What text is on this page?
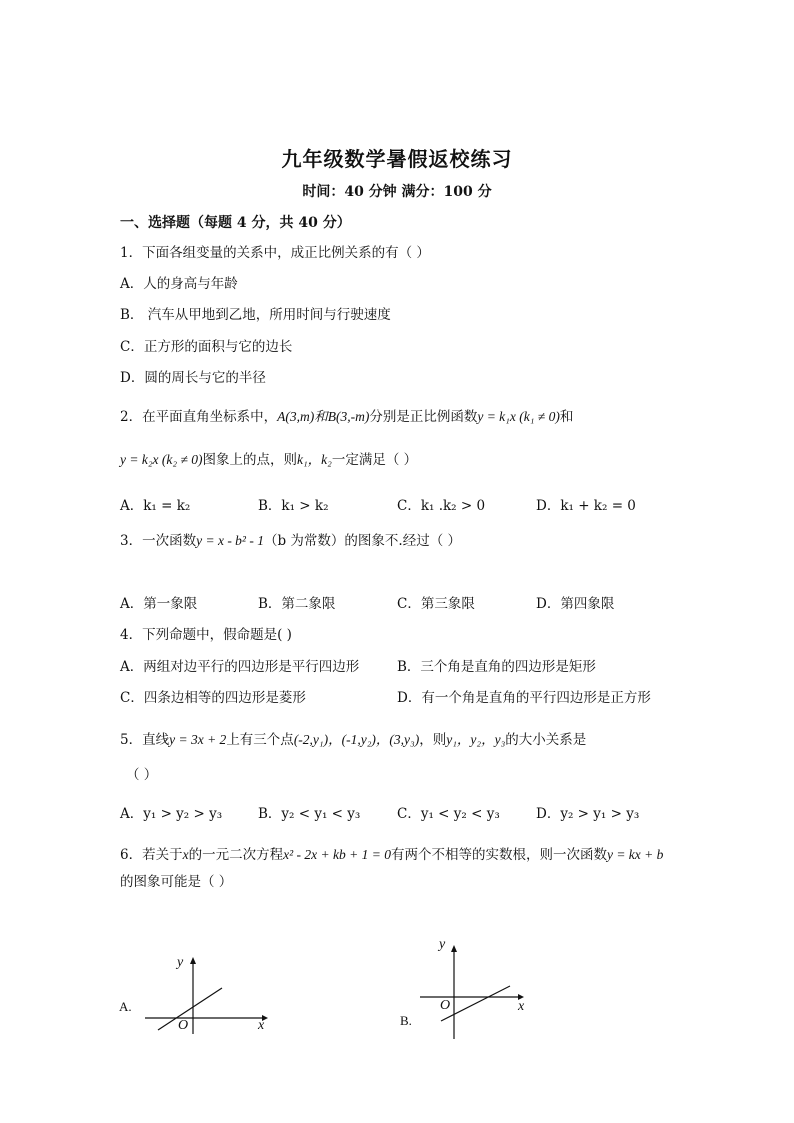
九年级数学暑假返校练习
时间：40 分钟 满分：100 分
一、选择题（每题 4 分，共 40 分）
1．下面各组变量的关系中，成正比例关系的有（ ）
A．人的身高与年龄
B． 汽车从甲地到乙地，所用时间与行驶速度
C．正方形的面积与它的边长
D．圆的周长与它的半径
2．在平面直角坐标系中，A(3,m)和B(3,-m)分别是正比例函数y = k₁x (k₁ ≠ 0)和
y = k₂x (k₂ ≠ 0)图象上的点，则k₁，k₂一定满足（ ）
A．k₁ = k₂	B．k₁ > k₂	C．k₁ .k₂ > 0	D．k₁ + k₂ = 0
3．一次函数y = x - b² - 1（b 为常数）的图象不.经过（ ）
A．第一象限	B．第二象限	C．第三象限	D．第四象限
4．下列命题中，假命题是( )
A．两组对边平行的四边形是平行四边形	B．三个角是直角的四边形是矩形
C．四条边相等的四边形是菱形	D．有一个角是直角的平行四边形是正方形
5．直线y = 3x + 2上有三个点(-2,y₁)，(-1,y₂)，(3,y₃)，则y₁，y₂，y₃的大小关系是
（ ）
A．y₁ > y₂ > y₃	B．y₂ < y₁ < y₃	C．y₁ < y₂ < y₃	D．y₂ > y₁ > y₃
6．若关于x的一元二次方程x² - 2x + kb + 1 = 0有两个不相等的实数根，则一次函数y = kx + b
的图象可能是（ ）
A.
y
x
O	B.
y
x
O
